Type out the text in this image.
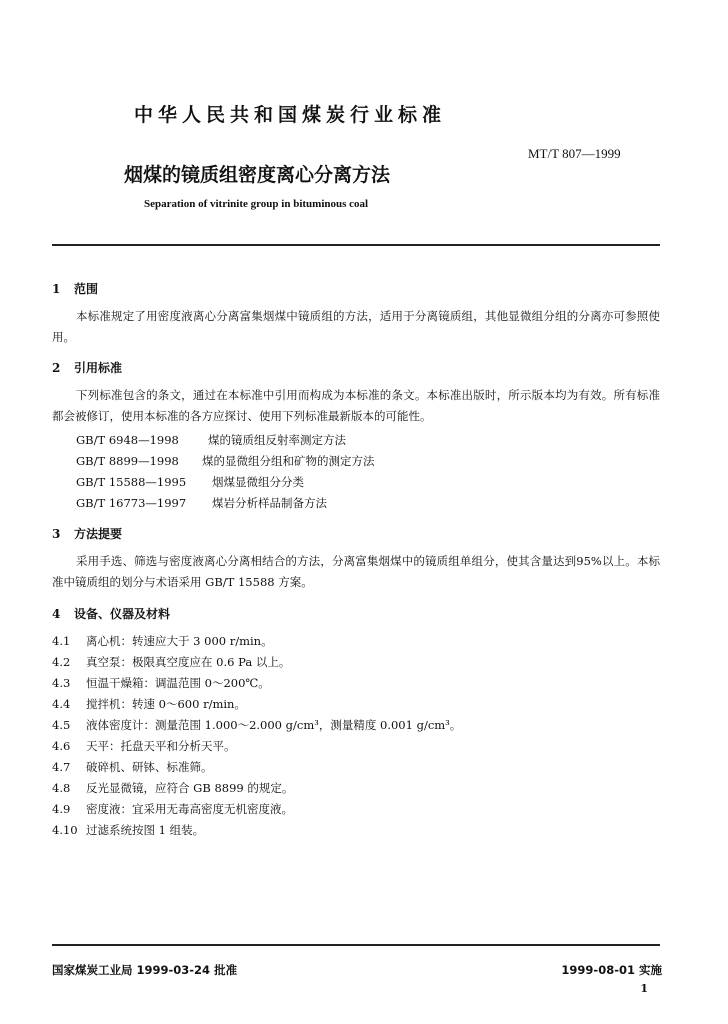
中华人民共和国煤炭行业标准
MT/T 807—1999
烟煤的镜质组密度离心分离方法
Separation of vitrinite group in bituminous coal
1 范围
本标准规定了用密度液离心分离富集烟煤中镜质组的方法，适用于分离镜质组，其他显微组分组的分离亦可参照使用。
2 引用标准
下列标准包含的条文，通过在本标准中引用而构成为本标准的条文。本标准出版时，所示版本均为有效。所有标准都会被修订，使用本标准的各方应探讨、使用下列标准最新版本的可能性。
GB/T 6948—1998	煤的镜质组反射率测定方法
GB/T 8899—1998 煤的显微组分组和矿物的测定方法
GB/T 15588—1995 烟煤显微组分分类
GB/T 16773—1997 煤岩分析样品制备方法
3 方法提要
采用手选、筛选与密度液离心分离相结合的方法，分离富集烟煤中的镜质组单组分，使其含量达到95%以上。本标准中镜质组的划分与术语采用 GB/T 15588 方案。
4 设备、仪器及材料
4.1 离心机：转速应大于 3 000 r/min。
4.2 真空泵：极限真空度应在 0.6 Pa 以上。
4.3 恒温干燥箱：调温范围 0～200℃。
4.4 搅拌机：转速 0～600 r/min。
4.5 液体密度计：测量范围 1.000～2.000 g/cm³，测量精度 0.001 g/cm³。
4.6 天平：托盘天平和分析天平。
4.7 破碎机、研钵、标准筛。
4.8 反光显微镜，应符合 GB 8899 的规定。
4.9 密度液：宜采用无毒高密度无机密度液。
4.10 过滤系统按图 1 组装。
国家煤炭工业局 1999-03-24 批准	1999-08-01 实施
1
